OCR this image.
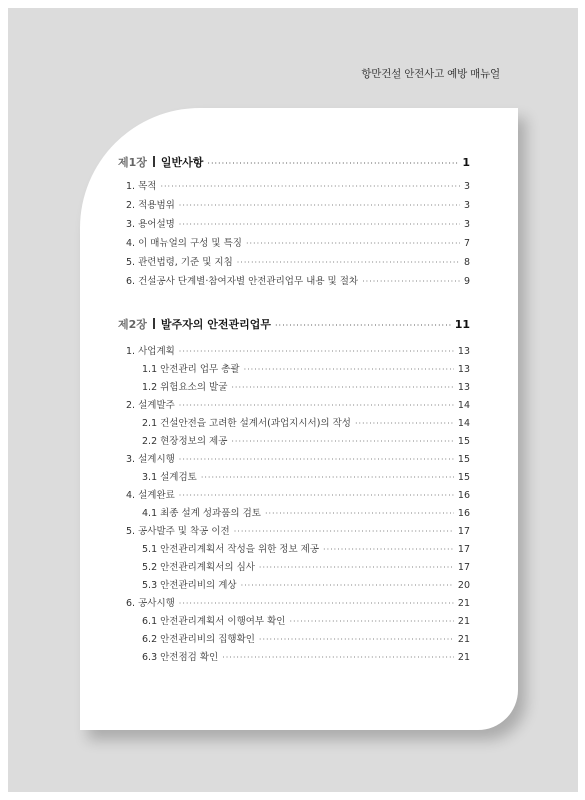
항만건설 안전사고 예방 매뉴얼
제1장 일반사항 ·····	1
1. 목적 ·····	3
2. 적용범위 ·····	3
3. 용어설명 ·····	3
4. 이 매뉴얼의 구성 및 특징 ·····	7
5. 관련법령, 기준 및 지침 ·····	8
6. 건설공사 단계별·참여자별 안전관리업무 내용 및 절차 ·····	9
제2장 발주자의 안전관리업무 ·····	11
1. 사업계획 ·····	13
1.1 안전관리 업무 총괄 ·····	13
1.2 위험요소의 발굴 ·····	13
2. 설계발주 ·····	14
2.1 건설안전을 고려한 설계서(과업지시서)의 작성 ·····	14
2.2 현장정보의 제공 ·····	15
3. 설계시행 ·····	15
3.1 설계검토 ·····	15
4. 설계완료 ·····	16
4.1 최종 설계 성과품의 검토 ·····	16
5. 공사발주 및 착공 이전 ·····	17
5.1 안전관리계획서 작성을 위한 정보 제공 ·····	17
5.2 안전관리계획서의 심사 ·····	17
5.3 안전관리비의 계상 ·····	20
6. 공사시행 ·····	21
6.1 안전관리계획서 이행여부 확인 ·····	21
6.2 안전관리비의 집행확인 ·····	21
6.3 안전점검 확인 ·····	21
